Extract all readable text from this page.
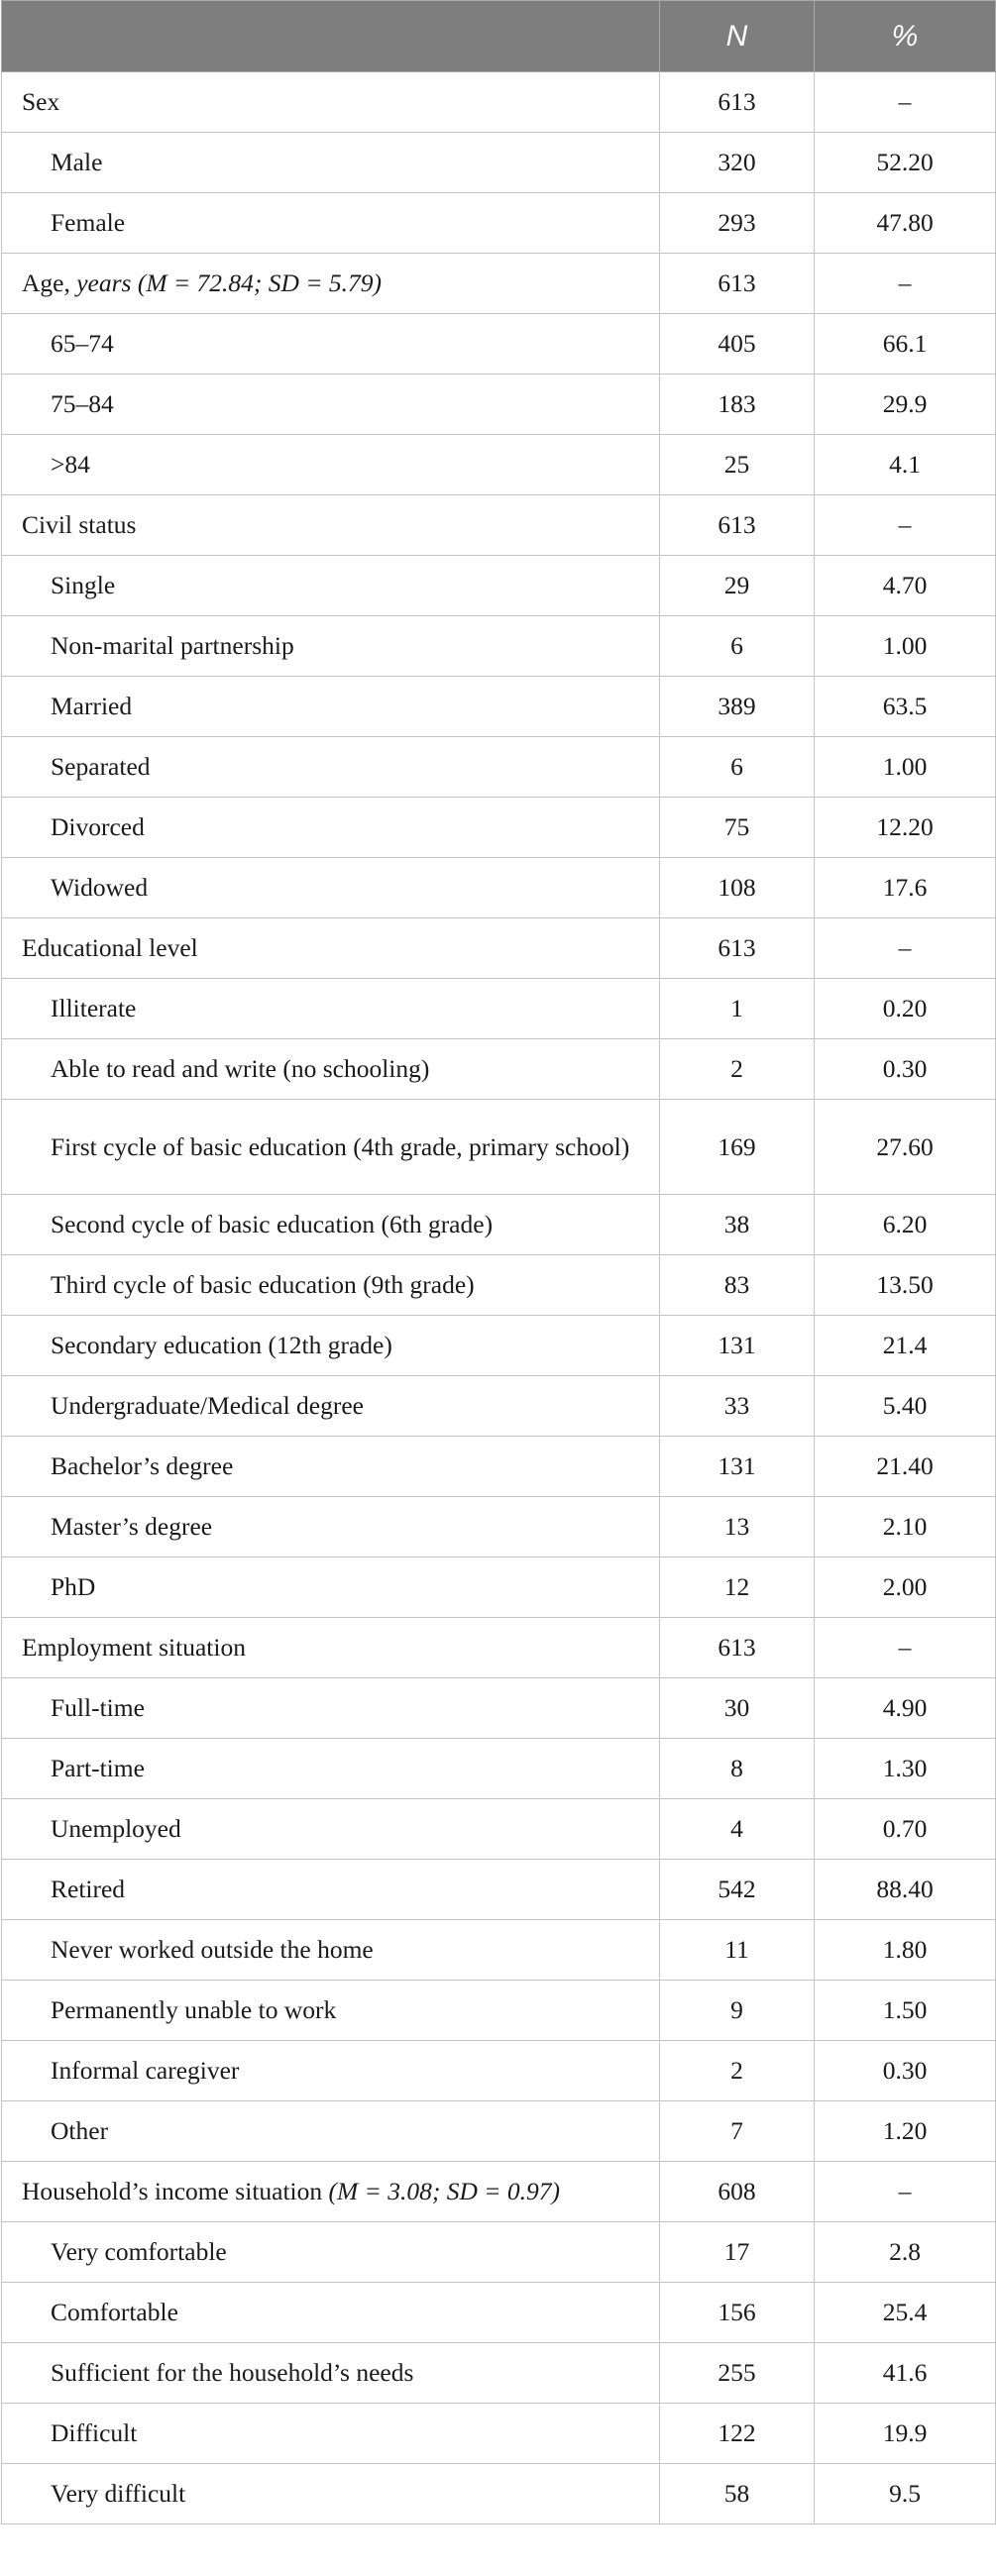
	N	%
Sex	613	–
Male	320	52.20
Female	293	47.80
Age, years (M = 72.84; SD = 5.79)	613	–
65–74	405	66.1
75–84	183	29.9
>84	25	4.1
Civil status	613	–
Single	29	4.70
Non-marital partnership	6	1.00
Married	389	63.5
Separated	6	1.00
Divorced	75	12.20
Widowed	108	17.6
Educational level	613	–
Illiterate	1	0.20
Able to read and write (no schooling)	2	0.30
First cycle of basic education (4th grade, primary school)	169	27.60
Second cycle of basic education (6th grade)	38	6.20
Third cycle of basic education (9th grade)	83	13.50
Secondary education (12th grade)	131	21.4
Undergraduate/Medical degree	33	5.40
Bachelor’s degree	131	21.40
Master’s degree	13	2.10
PhD	12	2.00
Employment situation	613	–
Full-time	30	4.90
Part-time	8	1.30
Unemployed	4	0.70
Retired	542	88.40
Never worked outside the home	11	1.80
Permanently unable to work	9	1.50
Informal caregiver	2	0.30
Other	7	1.20
Household’s income situation (M = 3.08; SD = 0.97)	608	–
Very comfortable	17	2.8
Comfortable	156	25.4
Sufficient for the household’s needs	255	41.6
Difficult	122	19.9
Very difficult	58	9.5
